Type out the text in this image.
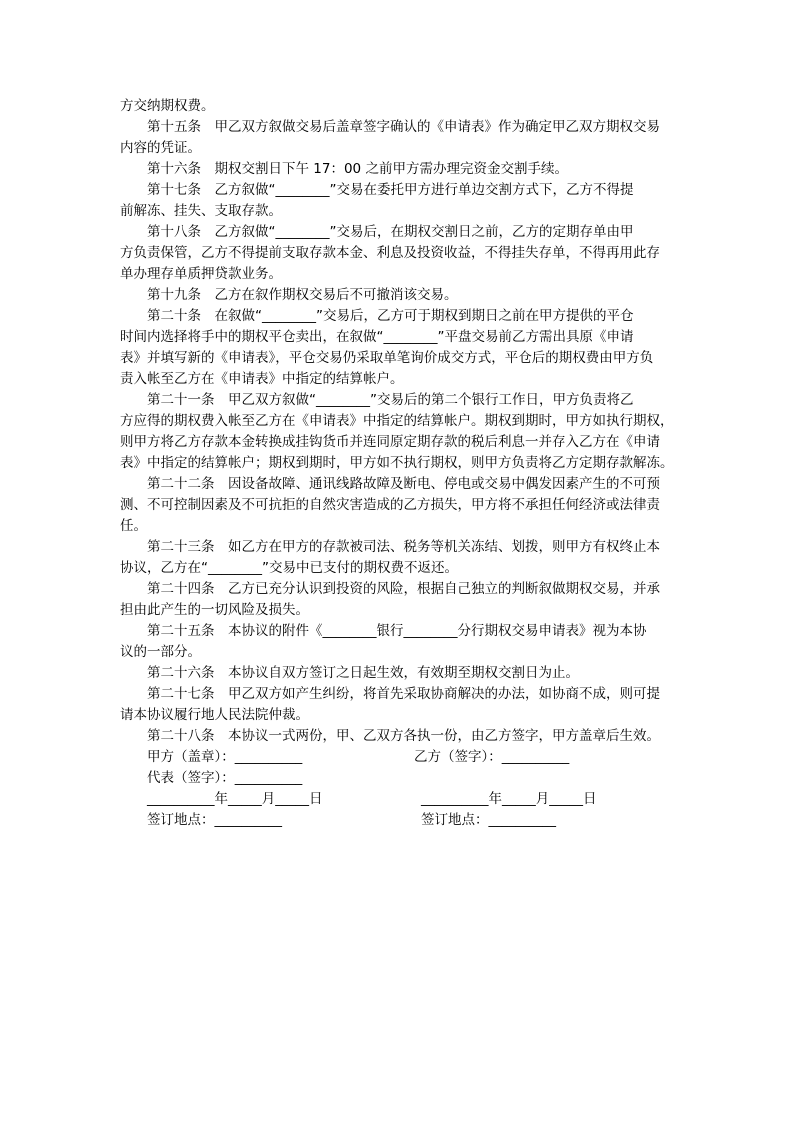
方交纳期权费。
　　第十五条　甲乙双方叙做交易后盖章签字确认的《申请表》作为确定甲乙双方期权交易
内容的凭证。
　　第十六条　期权交割日下午 17：00 之前甲方需办理完资金交割手续。
　　第十七条　乙方叙做“________”交易在委托甲方进行单边交割方式下，乙方不得提
前解冻、挂失、支取存款。
　　第十八条　乙方叙做“________”交易后，在期权交割日之前，乙方的定期存单由甲
方负责保管，乙方不得提前支取存款本金、利息及投资收益，不得挂失存单，不得再用此存
单办理存单质押贷款业务。
　　第十九条　乙方在叙作期权交易后不可撤消该交易。
　　第二十条　在叙做“________”交易后，乙方可于期权到期日之前在甲方提供的平仓
时间内选择将手中的期权平仓卖出，在叙做“________”平盘交易前乙方需出具原《申请
表》并填写新的《申请表》，平仓交易仍采取单笔询价成交方式，平仓后的期权费由甲方负
责入帐至乙方在《申请表》中指定的结算帐户。
　　第二十一条　甲乙双方叙做“________”交易后的第二个银行工作日，甲方负责将乙
方应得的期权费入帐至乙方在《申请表》中指定的结算帐户。期权到期时，甲方如执行期权，
则甲方将乙方存款本金转换成挂钩货币并连同原定期存款的税后利息一并存入乙方在《申请
表》中指定的结算帐户；期权到期时，甲方如不执行期权，则甲方负责将乙方定期存款解冻。
　　第二十二条　因设备故障、通讯线路故障及断电、停电或交易中偶发因素产生的不可预
测、不可控制因素及不可抗拒的自然灾害造成的乙方损失，甲方将不承担任何经济或法律责
任。
　　第二十三条　如乙方在甲方的存款被司法、税务等机关冻结、划拨，则甲方有权终止本
协议，乙方在“________”交易中已支付的期权费不返还。
　　第二十四条　乙方已充分认识到投资的风险，根据自己独立的判断叙做期权交易，并承
担由此产生的一切风险及损失。
　　第二十五条　本协议的附件《________银行________分行期权交易申请表》视为本协
议的一部分。
　　第二十六条　本协议自双方签订之日起生效，有效期至期权交割日为止。
　　第二十七条　甲乙双方如产生纠纷，将首先采取协商解决的办法，如协商不成，则可提
请本协议履行地人民法院仲裁。
　　第二十八条　本协议一式两份，甲、乙双方各执一份，由乙方签字，甲方盖章后生效。
甲方（盖章）：__________	乙方（签字）：__________
代表（签字）：__________
__________年_____月_____日	__________年_____月_____日
签订地点：__________	签订地点：__________
